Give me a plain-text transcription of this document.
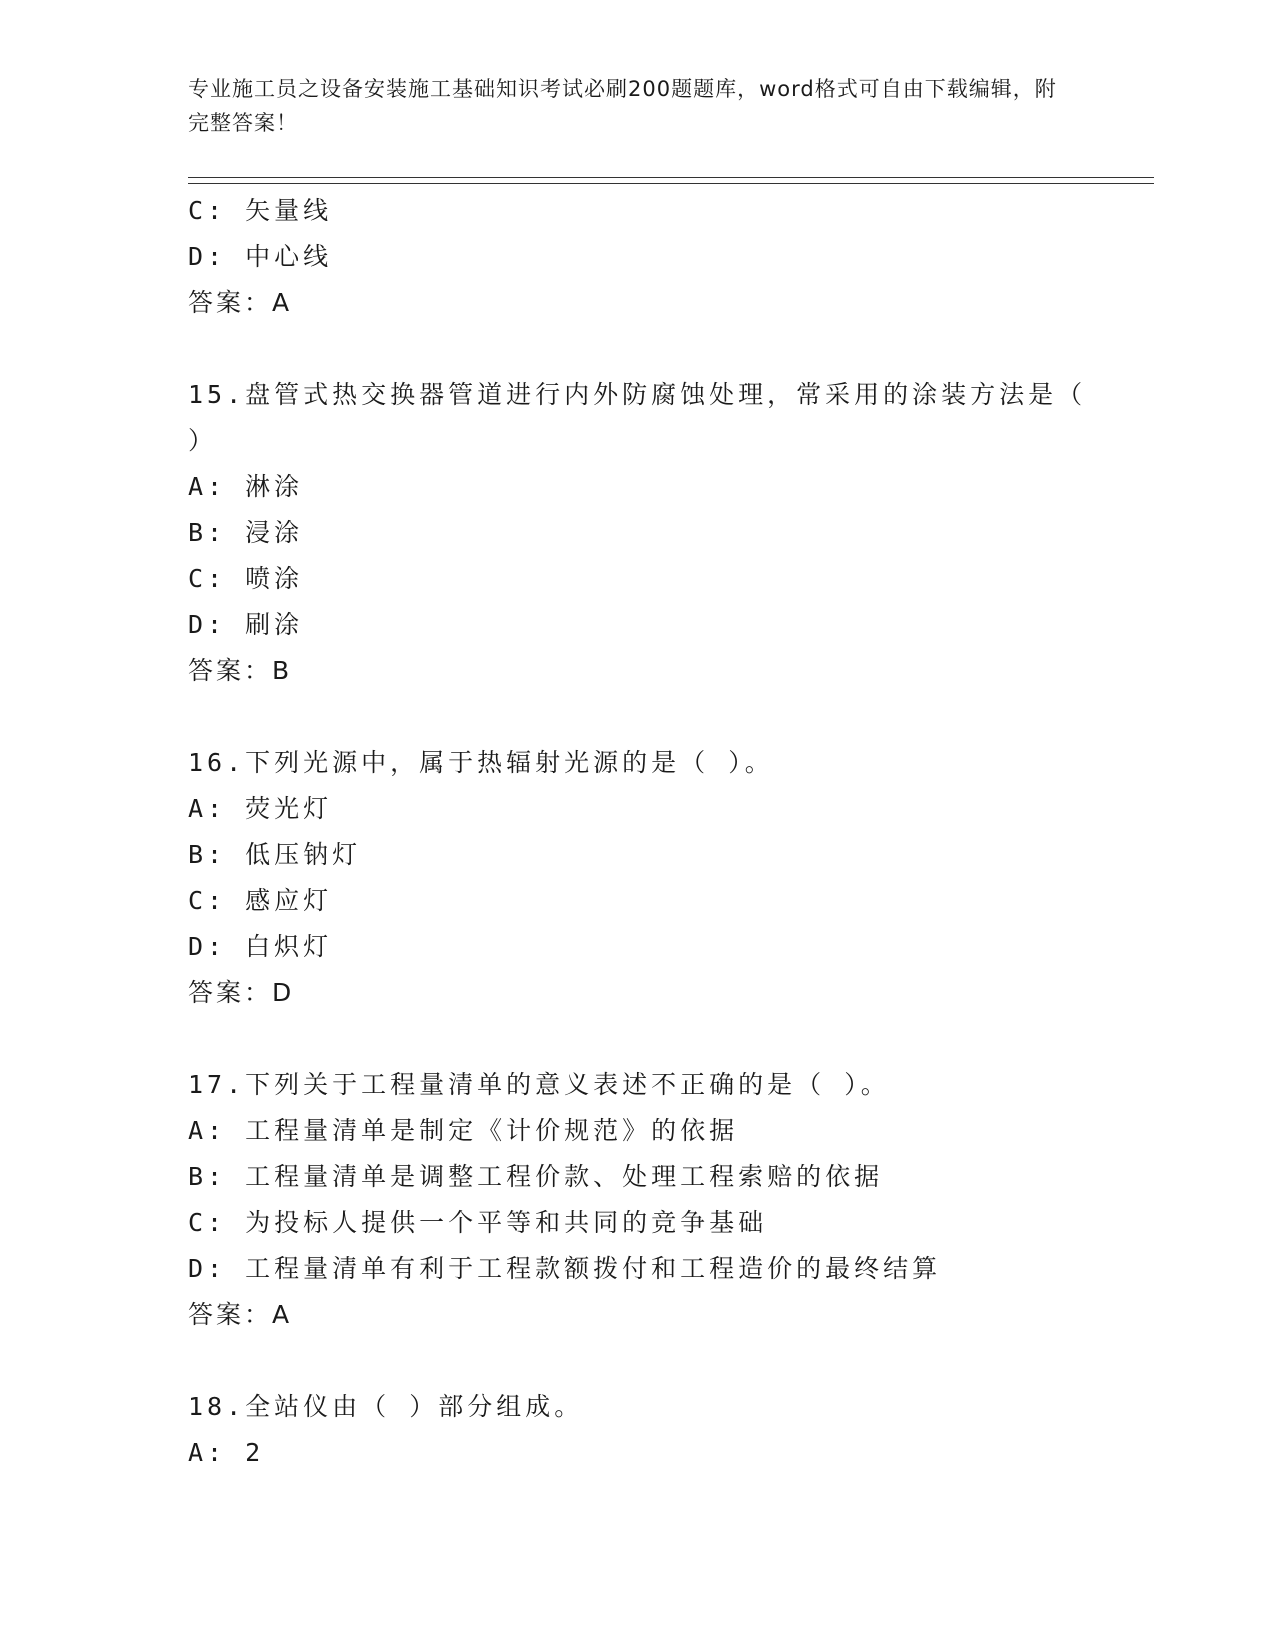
专业施工员之设备安装施工基础知识考试必刷200题题库，word格式可自由下载编辑，附完整答案！
C: 矢量线
D: 中心线
答案：A
15.盘管式热交换器管道进行内外防腐蚀处理，常采用的涂装方法是（ ）
A: 淋涂
B: 浸涂
C: 喷涂
D: 刷涂
答案：B
16.下列光源中，属于热辐射光源的是（ ）。
A: 荧光灯
B: 低压钠灯
C: 感应灯
D: 白炽灯
答案：D
17.下列关于工程量清单的意义表述不正确的是（ ）。
A: 工程量清单是制定《计价规范》的依据
B: 工程量清单是调整工程价款、处理工程索赔的依据
C: 为投标人提供一个平等和共同的竞争基础
D: 工程量清单有利于工程款额拨付和工程造价的最终结算
答案：A
18.全站仪由（ ）部分组成。
A: 2
